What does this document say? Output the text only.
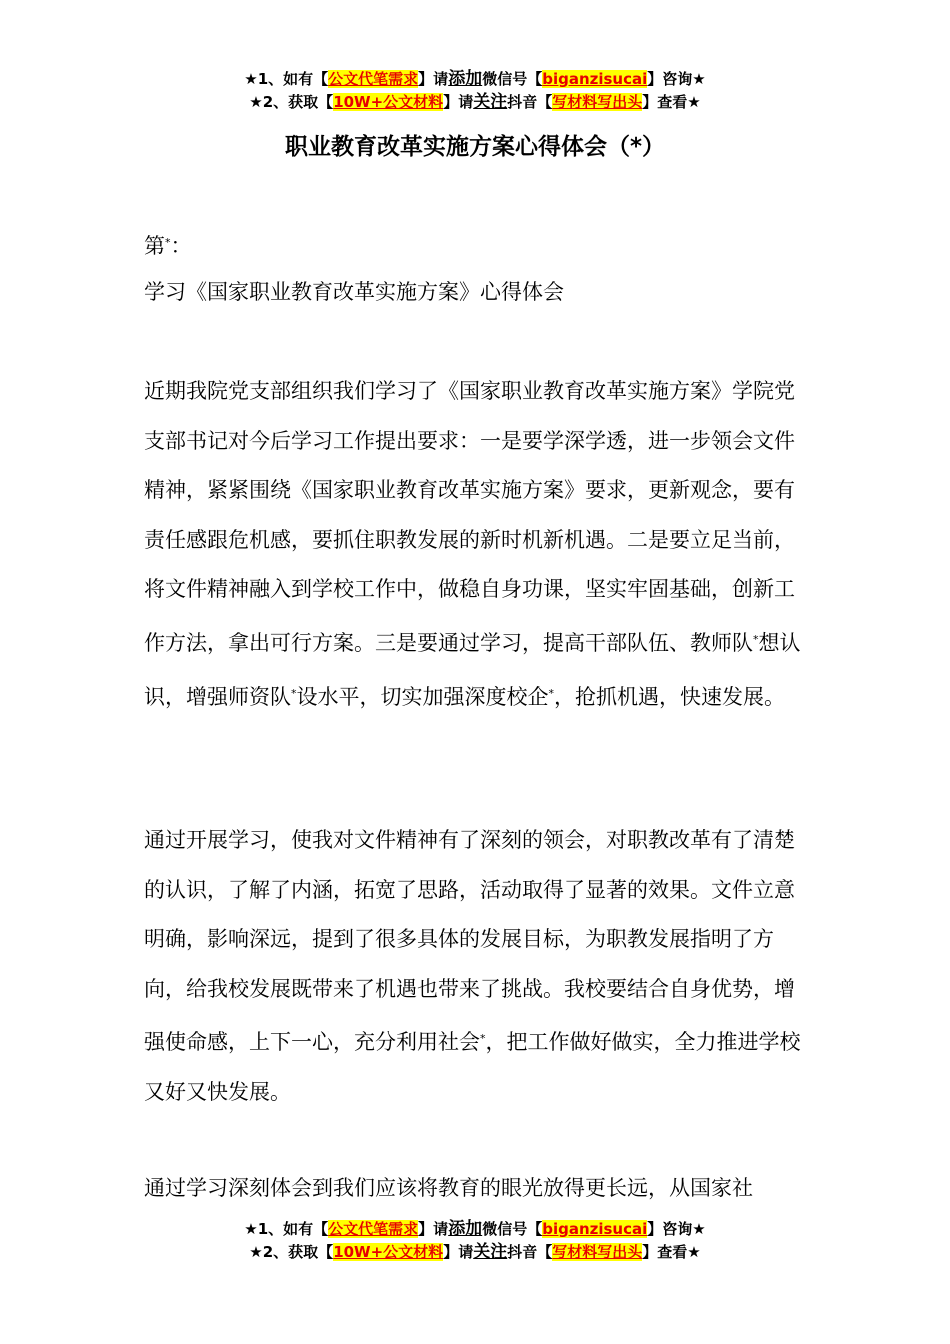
★1、如有【公文代笔需求】请添加微信号【biganzisucai】咨询★
★2、获取【10W+公文材料】请关注抖音【写材料写出头】查看★
职业教育改革实施方案心得体会（*）
第*：
学习《国家职业教育改革实施方案》心得体会
近期我院党支部组织我们学习了《国家职业教育改革实施方案》学院党支部书记对今后学习工作提出要求：一是要学深学透，进一步领会文件精神，紧紧围绕《国家职业教育改革实施方案》要求，更新观念，要有责任感跟危机感，要抓住职教发展的新时机新机遇。二是要立足当前，将文件精神融入到学校工作中，做稳自身功课，坚实牢固基础，创新工作方法，拿出可行方案。三是要通过学习，提高干部队伍、教师队*想认识，增强师资队*设水平，切实加强深度校企*，抢抓机遇，快速发展。
通过开展学习，使我对文件精神有了深刻的领会，对职教改革有了清楚的认识，了解了内涵，拓宽了思路，活动取得了显著的效果。文件立意明确，影响深远，提到了很多具体的发展目标，为职教发展指明了方向，给我校发展既带来了机遇也带来了挑战。我校要结合自身优势，增强使命感，上下一心，充分利用社会*，把工作做好做实，全力推进学校又好又快发展。
通过学习深刻体会到我们应该将教育的眼光放得更长远，从国家社
★1、如有【公文代笔需求】请添加微信号【biganzisucai】咨询★
★2、获取【10W+公文材料】请关注抖音【写材料写出头】查看★
